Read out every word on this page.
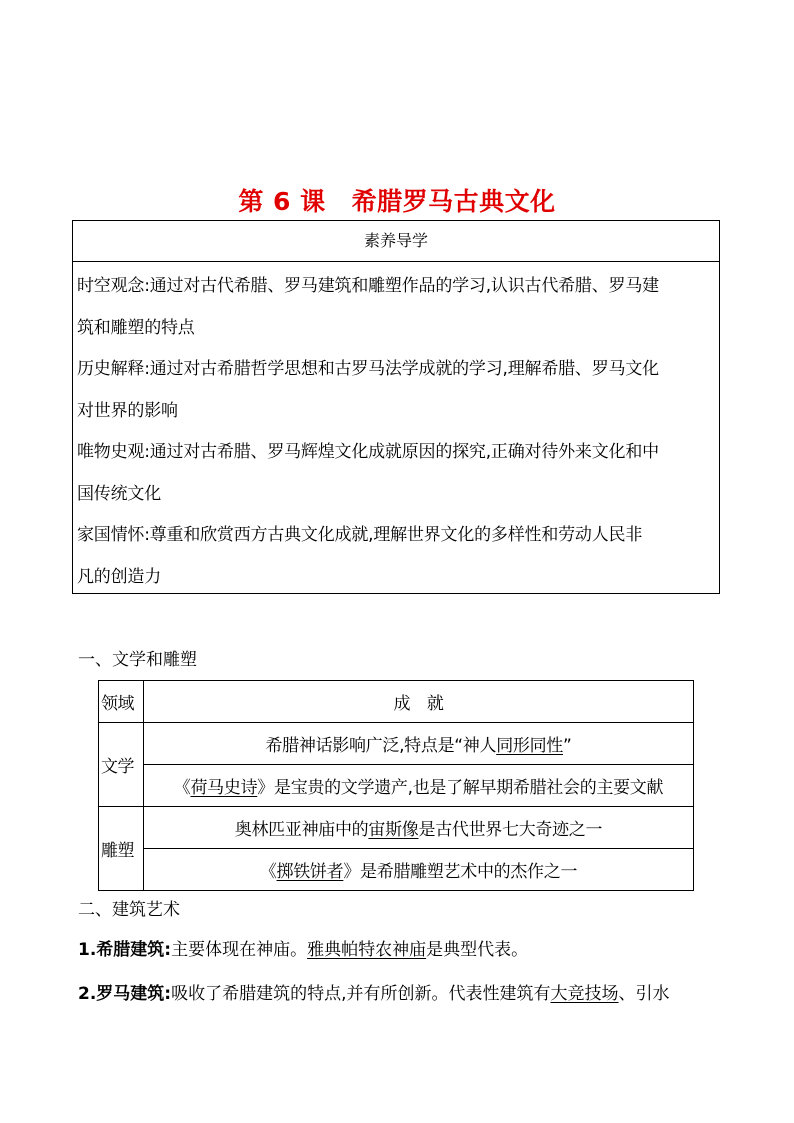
第 6 课 希腊罗马古典文化
素养导学

时空观念:通过对古代希腊、罗马建筑和雕塑作品的学习,认识古代希腊、罗马建

筑和雕塑的特点

历史解释:通过对古希腊哲学思想和古罗马法学成就的学习,理解希腊、罗马文化

对世界的影响

唯物史观:通过对古希腊、罗马辉煌文化成就原因的探究,正确对待外来文化和中

国传统文化

家国情怀:尊重和欣赏西方古典文化成就,理解世界文化的多样性和劳动人民非

凡的创造力

一、文学和雕塑
领域	成　就
文学	希腊神话影响广泛,特点是“神人同形同性”
	《荷马史诗》是宝贵的文学遗产,也是了解早期希腊社会的主要文献
雕塑	奥林匹亚神庙中的宙斯像是古代世界七大奇迹之一
	《掷铁饼者》是希腊雕塑艺术中的杰作之一
二、建筑艺术
1.希腊建筑:主要体现在神庙。雅典帕特农神庙是典型代表。
2.罗马建筑:吸收了希腊建筑的特点,并有所创新。代表性建筑有大竞技场、引水
